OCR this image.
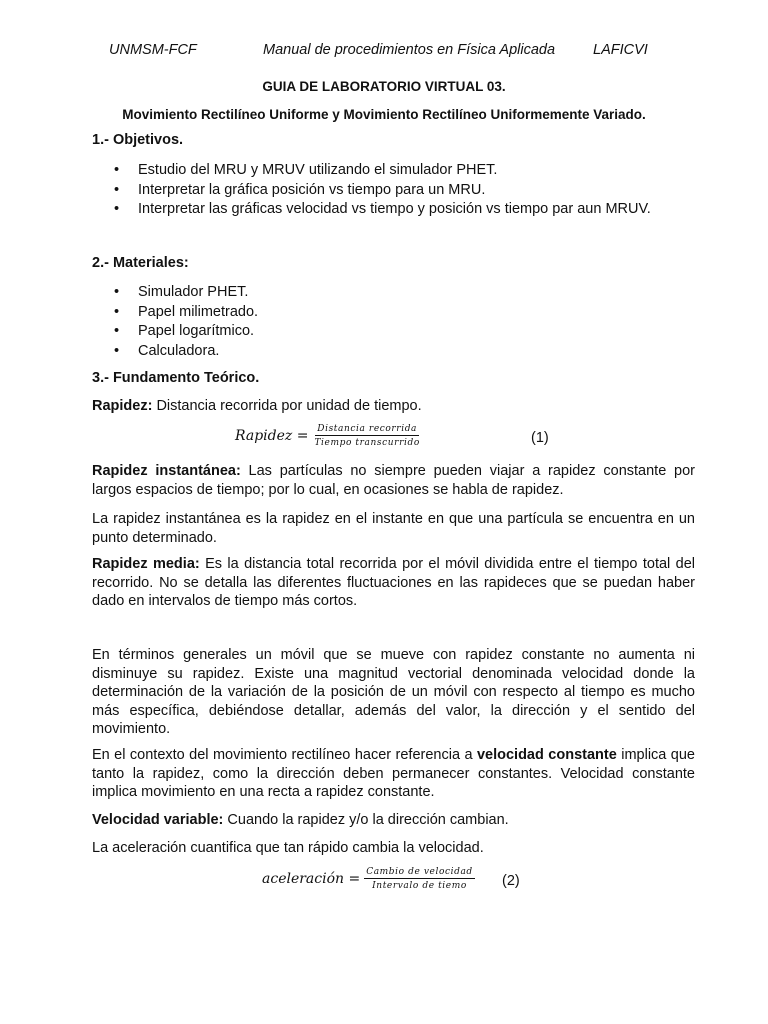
UNMSM-FCF	Manual de procedimientos en Física Aplicada	LAFICVI
GUIA DE LABORATORIO VIRTUAL 03.
Movimiento Rectilíneo Uniforme y Movimiento Rectilíneo Uniformemente Variado.
1.- Objetivos.
• Estudio del MRU y MRUV utilizando el simulador PHET.
• Interpretar la gráfica posición vs tiempo para un MRU.
• Interpretar las gráficas velocidad vs tiempo y posición vs tiempo par aun MRUV.
2.- Materiales:
• Simulador PHET.
• Papel milimetrado.
• Papel logarítmico.
• Calculadora.
3.- Fundamento Teórico.

Rapidez: Distancia recorrida por unidad de tiempo.

Rapidez = $\frac{\text{Distancia recorrida}}{\text{Tiempo transcurrido}}$	(1)

Rapidez instantánea: Las partículas no siempre pueden viajar a rapidez constante por largos espacios de tiempo; por lo cual, en ocasiones se habla de rapidez.

La rapidez instantánea es la rapidez en el instante en que una partícula se encuentra en un punto determinado.

Rapidez media: Es la distancia total recorrida por el móvil dividida entre el tiempo total del recorrido. No se detalla las diferentes fluctuaciones en las rapideces que se puedan haber dado en intervalos de tiempo más cortos.

En términos generales un móvil que se mueve con rapidez constante no aumenta ni disminuye su rapidez. Existe una magnitud vectorial denominada velocidad donde la determinación de la variación de la posición de un móvil con respecto al tiempo es mucho más específica, debiéndose detallar, además del valor, la dirección y el sentido del movimiento.

En el contexto del movimiento rectilíneo hacer referencia a velocidad constante implica que tanto la rapidez, como la dirección deben permanecer constantes. Velocidad constante implica movimiento en una recta a rapidez constante.

Velocidad variable: Cuando la rapidez y/o la dirección cambian.

La aceleración cuantifica que tan rápido cambia la velocidad.

aceleración = $\frac{\text{Cambio de velocidad}}{\text{Intervalo de tiemo}} (2)$
